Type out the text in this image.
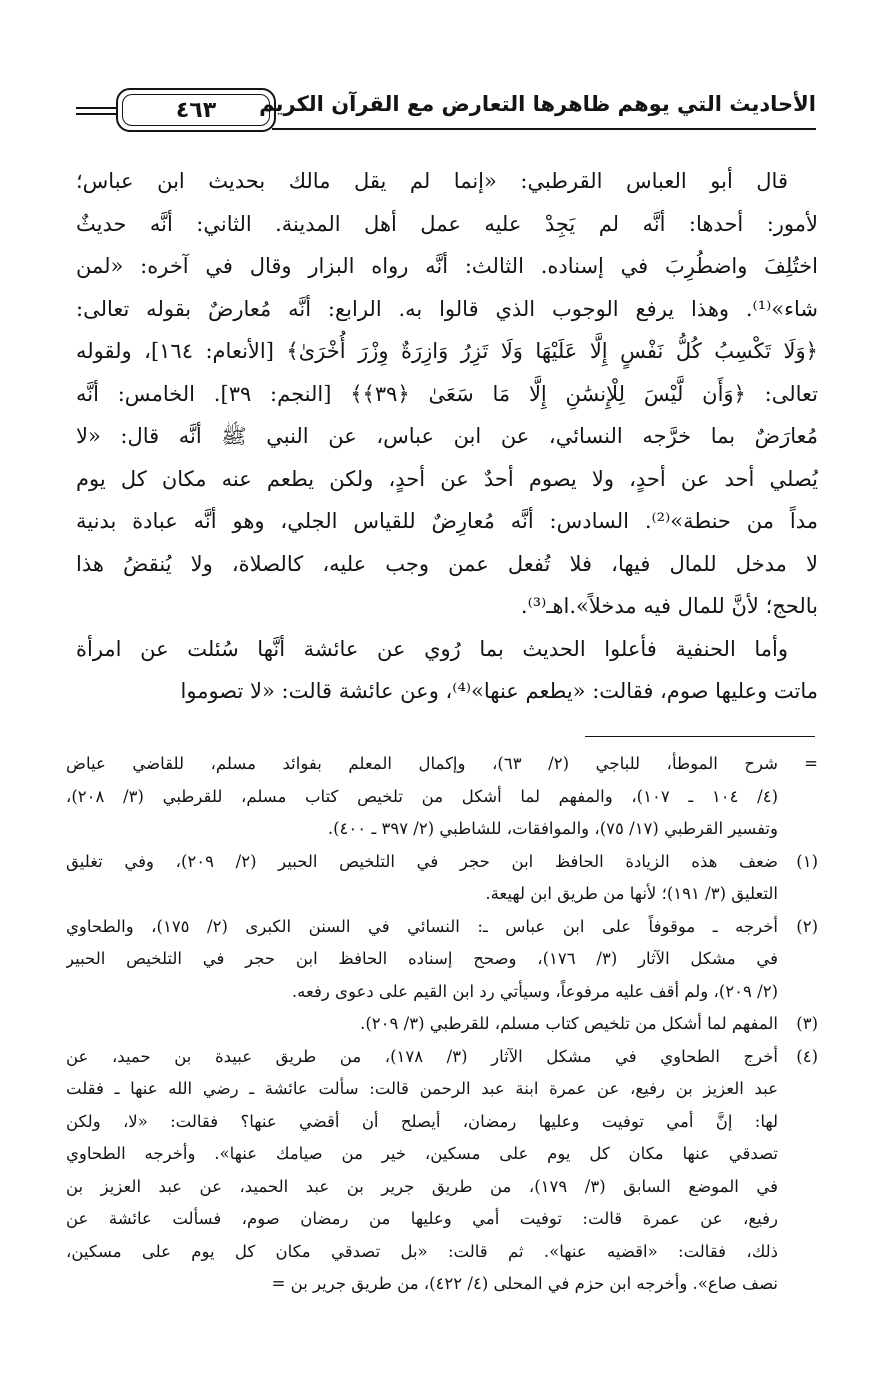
الأحاديث التي يوهم ظاهرها التعارض مع القرآن الكريم
٤٦٣
قال أبو العباس القرطبي: «إنما لم يقل مالك بحديث ابن عباس؛
لأمور: أحدها: أنَّه لم يَجِدْ عليه عمل أهل المدينة. الثاني: أنَّه حديثٌ
اختُلِفَ واضطُرِبَ في إسناده. الثالث: أنَّه رواه البزار وقال في آخره: «لمن
شاء»⁽¹⁾. وهذا يرفع الوجوب الذي قالوا به. الرابع: أنَّه مُعارضٌ بقوله تعالى:
﴿وَلَا تَكْسِبُ كُلُّ نَفْسٍ إِلَّا عَلَيْهَا وَلَا تَزِرُ وَازِرَةٌ وِزْرَ أُخْرَىٰ﴾ [الأنعام: ١٦٤]، ولقوله
تعالى: ﴿وَأَن لَّيْسَ لِلْإِنسَٰنِ إِلَّا مَا سَعَىٰ ﴿٣٩﴾﴾ [النجم: ٣٩]. الخامس: أنَّه
مُعارَضٌ بما خرَّجه النسائي، عن ابن عباس، عن النبي ﷺ أنَّه قال: «لا
يُصلي أحد عن أحدٍ، ولا يصوم أحدٌ عن أحدٍ، ولكن يطعم عنه مكان كل يوم
مداً من حنطة»⁽²⁾. السادس: أنَّه مُعارِضٌ للقياس الجلي، وهو أنَّه عبادة بدنية
لا مدخل للمال فيها، فلا تُفعل عمن وجب عليه، كالصلاة، ولا يُنقضُ هذا
بالحج؛ لأنَّ للمال فيه مدخلاً».اهـ⁽³⁾.
وأما الحنفية فأعلوا الحديث بما رُوي عن عائشة أنَّها سُئلت عن امرأة
ماتت وعليها صوم، فقالت: «يطعم عنها»⁽⁴⁾، وعن عائشة قالت: «لا تصوموا
=
شرح الموطأ، للباجي (٢/ ٦٣)، وإكمال المعلم بفوائد مسلم، للقاضي عياض
(٤/ ١٠٤ ـ ١٠٧)، والمفهم لما أشكل من تلخيص كتاب مسلم، للقرطبي (٣/ ٢٠٨)،
وتفسير القرطبي (١٧/ ٧٥)، والموافقات، للشاطبي (٢/ ٣٩٧ ـ ٤٠٠).
(١)
ضعف هذه الزيادة الحافظ ابن حجر في التلخيص الحبير (٢/ ٢٠٩)، وفي تغليق
التعليق (٣/ ١٩١)؛ لأنها من طريق ابن لهيعة.
(٢)
أخرجه ـ موقوفاً على ابن عباس ـ: النسائي في السنن الكبرى (٢/ ١٧٥)، والطحاوي
في مشكل الآثار (٣/ ١٧٦)، وصحح إسناده الحافظ ابن حجر في التلخيص الحبير
(٢/ ٢٠٩)، ولم أقف عليه مرفوعاً، وسيأتي رد ابن القيم على دعوى رفعه.
(٣)
المفهم لما أشكل من تلخيص كتاب مسلم، للقرطبي (٣/ ٢٠٩).
(٤)
أخرج الطحاوي في مشكل الآثار (٣/ ١٧٨)، من طريق عبيدة بن حميد، عن
عبد العزيز بن رفيع، عن عمرة ابنة عبد الرحمن قالت: سألت عائشة ـ رضي الله عنها ـ فقلت
لها: إنَّ أمي توفيت وعليها رمضان، أيصلح أن أقضي عنها؟ فقالت: «لا، ولكن
تصدقي عنها مكان كل يوم على مسكين، خير من صيامك عنها». وأخرجه الطحاوي
في الموضع السابق (٣/ ١٧٩)، من طريق جرير بن عبد الحميد، عن عبد العزيز بن
رفيع، عن عمرة قالت: توفيت أمي وعليها من رمضان صوم، فسألت عائشة عن
ذلك، فقالت: «اقضيه عنها». ثم قالت: «بل تصدقي مكان كل يوم على مسكين،
نصف صاع». وأخرجه ابن حزم في المحلى (٤/ ٤٢٢)، من طريق جرير بن =
